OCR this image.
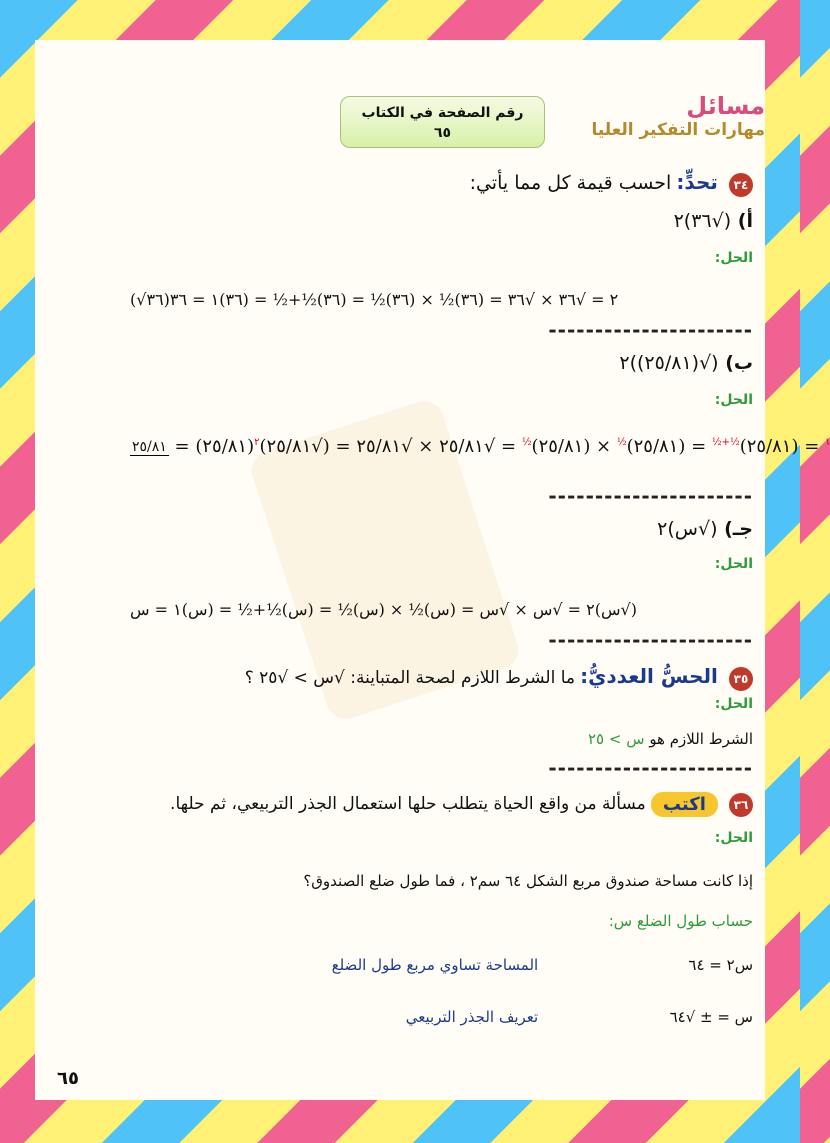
مسائل
مهارات التفكير العليا
رقم الصفحة في الكتاب
٦٥
٣٤ تحدٍّ: احسب قيمة كل مما يأتي:
أ) (√٣٦)٢
الحل:
(√٣٦)٢ = √٣٦ × √٣٦ = (٣٦)½ × (٣٦)½ = (٣٦)½+½ = (٣٦)١ = ٣٦
----------------------
ب) (√(٢٥/٨١))٢
الحل:
٢٥/٨١ = (٢٥/٨١)	$^١$ = (٢٥/٨١)$^{\frac{1}{2}+\frac{1}{2}}$ = (٢٥/٨١)$^{\frac{1}{2}}$ × (٢٥/٨١)$^{\frac{1}{2}}$ = √٢٥/٨١ × √٢٥/٨١ = (√٢٥/٨١)$^٢$
----------------------
جـ) (√س)٢
الحل:
(√س)٢ = √س × √س = (س)½ × (س)½ = (س)½+½ = (س)١ = س
----------------------
٣٥ الحسُّ العدديُّ: ما الشرط اللازم لصحة المتباينة: √س > √٢٥ ؟
الحل:
الشرط اللازم هو س > ٢٥
----------------------
٣٦ اكتب مسألة من واقع الحياة يتطلب حلها استعمال الجذر التربيعي، ثم حلها.
الحل:
إذا كانت مساحة صندوق مربع الشكل ٦٤ سم٢ ، فما طول ضلع الصندوق؟
حساب طول الضلع س:
س٢ = ٦٤ المساحة تساوي مربع طول الضلع
س = ± √٦٤ تعريف الجذر التربيعي
٦٥
